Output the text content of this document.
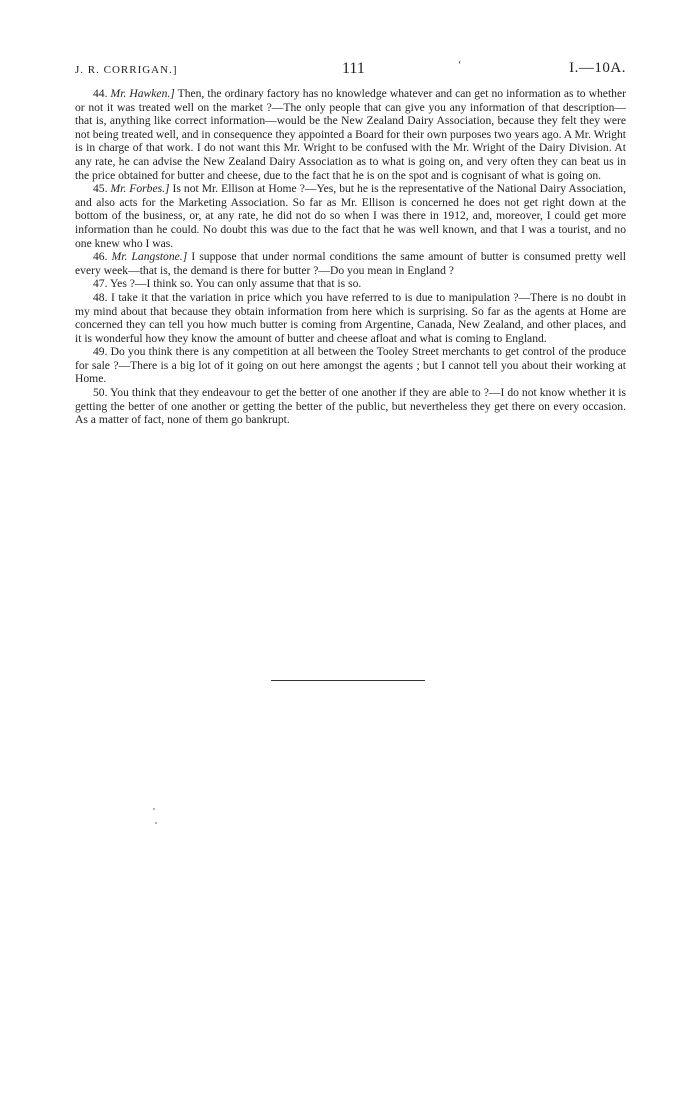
J. R. CORRIGAN.]	111	‘	I.—10A.

44. Mr. Hawken.] Then, the ordinary factory has no knowledge whatever and can get no information as to whether or not it was treated well on the market ?—The only people that can give you any information of that description—that is, anything like correct information—would be the New Zealand Dairy Association, because they felt they were not being treated well, and in consequence they appointed a Board for their own purposes two years ago. A Mr. Wright is in charge of that work. I do not want this Mr. Wright to be confused with the Mr. Wright of the Dairy Division. At any rate, he can advise the New Zealand Dairy Association as to what is going on, and very often they can beat us in the price obtained for butter and cheese, due to the fact that he is on the spot and is cognisant of what is going on.

45. Mr. Forbes.] Is not Mr. Ellison at Home ?—Yes, but he is the representative of the National Dairy Association, and also acts for the Marketing Association. So far as Mr. Ellison is concerned he does not get right down at the bottom of the business, or, at any rate, he did not do so when I was there in 1912, and, moreover, I could get more information than he could. No doubt this was due to the fact that he was well known, and that I was a tourist, and no one knew who I was.

46. Mr. Langstone.] I suppose that under normal conditions the same amount of butter is consumed pretty well every week—that is, the demand is there for butter ?—Do you mean in England ?

47. Yes ?—I think so. You can only assume that that is so.

48. I take it that the variation in price which you have referred to is due to manipulation ?—There is no doubt in my mind about that because they obtain information from here which is surprising. So far as the agents at Home are concerned they can tell you how much butter is coming from Argentine, Canada, New Zealand, and other places, and it is wonderful how they know the amount of butter and cheese afloat and what is coming to England.

49. Do you think there is any competition at all between the Tooley Street merchants to get control of the produce for sale ?—There is a big lot of it going on out here amongst the agents ; but I cannot tell you about their working at Home.

50. You think that they endeavour to get the better of one another if they are able to ?—I do not know whether it is getting the better of one another or getting the better of the public, but nevertheless they get there on every occasion. As a matter of fact, none of them go bankrupt.
